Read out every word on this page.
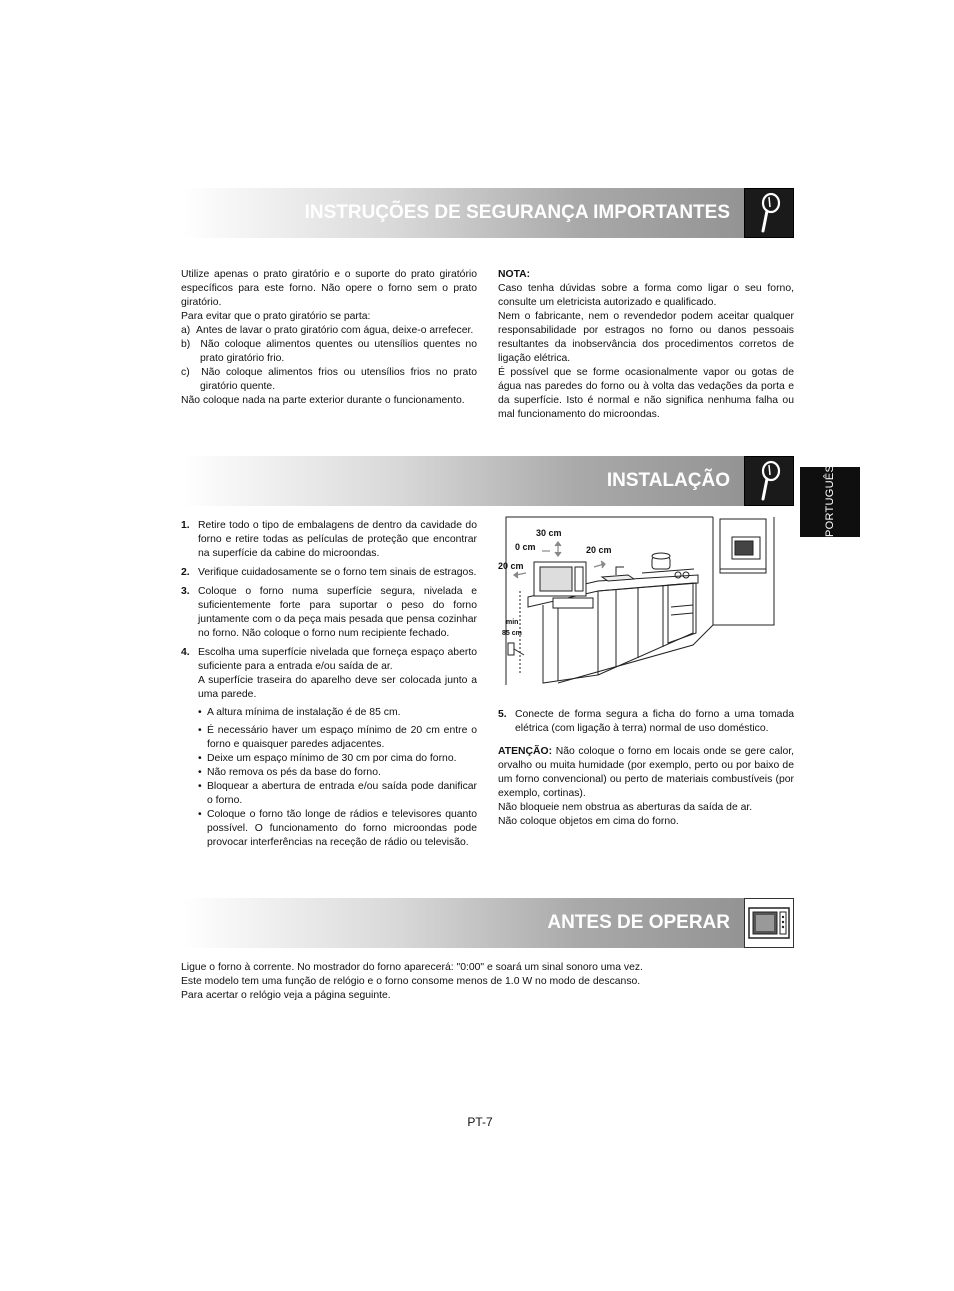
INSTRUÇÕES DE SEGURANÇA IMPORTANTES

Utilize apenas o prato giratório e o suporte do prato giratório específicos para este forno. Não opere o forno sem o prato giratório.

Para evitar que o prato giratório se parta:

a)  Antes de lavar o prato giratório com água, deixe-o arrefecer.

b)  Não coloque alimentos quentes ou utensílios quentes no prato giratório frio.

c)  Não coloque alimentos frios ou utensílios frios no prato giratório quente.

Não coloque nada na parte exterior durante o funcionamento.

NOTA:

Caso tenha dúvidas sobre a forma como ligar o seu forno, consulte um eletricista autorizado e qualificado.

Nem o fabricante, nem o revendedor podem aceitar qualquer responsabilidade por estragos no forno ou danos pessoais resultantes da inobservância dos procedimentos corretos de ligação elétrica.

É possível que se forme ocasionalmente vapor ou gotas de água nas paredes do forno ou à volta das vedações da porta e da superfície. Isto é normal e não significa nenhuma falha ou mal funcionamento do microondas.

INSTALAÇÃO	PORTUGUÊS
1. Retire todo o tipo de embalagens de dentro da cavidade do forno e retire todas as películas de proteção que encontrar na superfície da cabine do microondas.
2. Verifique cuidadosamente se o forno tem sinais de estragos.
3. Coloque o forno numa superfície segura, nivelada e suficientemente forte para suportar o peso do forno juntamente com o da peça mais pesada que pensa cozinhar no forno. Não coloque o forno num recipiente fechado.
4. Escolha uma superfície nivelada que forneça espaço aberto suficiente para a entrada e/ou saída de ar.
A superfície traseira do aparelho deve ser colocada junto a uma parede.
• A altura mínima de instalação é de 85 cm.
• É necessário haver um espaço mínimo de 20 cm entre o forno e quaisquer paredes adjacentes.
• Deixe um espaço mínimo de 30 cm por cima do forno.
• Não remova os pés da base do forno.
• Bloquear a abertura de entrada e/ou saída pode danificar o forno.
• Coloque o forno tão longe de rádios e televisores quanto possível. O funcionamento do forno microondas pode provocar interferências na receção de rádio ou televisão.
30 cm
0 cm	20 cm
20 cm
min
85 cm
5. Conecte de forma segura a ficha do forno a uma tomada elétrica (com ligação à terra) normal de uso doméstico.

ATENÇÃO: Não coloque o forno em locais onde se gere calor, orvalho ou muita humidade (por exemplo, perto ou por baixo de um forno convencional) ou perto de materiais combustíveis (por exemplo, cortinas).

Não bloqueie nem obstrua as aberturas da saída de ar.

Não coloque objetos em cima do forno.

ANTES DE OPERAR

Ligue o forno à corrente. No mostrador do forno aparecerá: "0:00" e soará um sinal sonoro uma vez.

Este modelo tem uma função de relógio e o forno consome menos de 1.0 W no modo de descanso.

Para acertar o relógio veja a página seguinte.

PT-7
